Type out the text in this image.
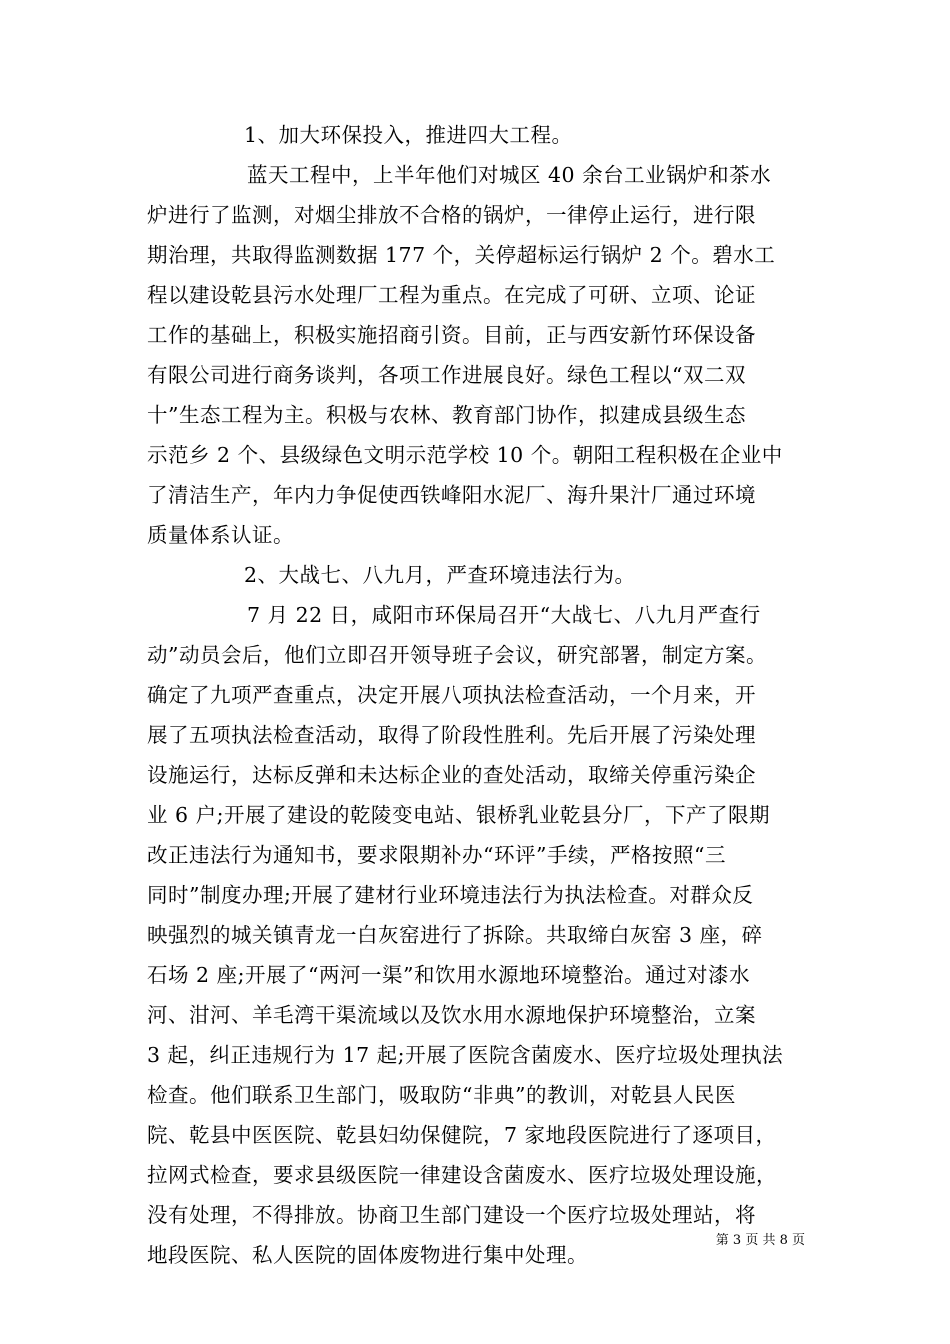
1、加大环保投入，推进四大工程。
蓝天工程中，上半年他们对城区 40 余台工业锅炉和茶水
炉进行了监测，对烟尘排放不合格的锅炉，一律停止运行，进行限
期治理，共取得监测数据 177 个，关停超标运行锅炉 2 个。碧水工
程以建设乾县污水处理厂工程为重点。在完成了可研、立项、论证
工作的基础上，积极实施招商引资。目前，正与西安新竹环保设备
有限公司进行商务谈判，各项工作进展良好。绿色工程以“双二双
十”生态工程为主。积极与农林、教育部门协作，拟建成县级生态
示范乡 2 个、县级绿色文明示范学校 10 个。朝阳工程积极在企业中
了清洁生产，年内力争促使西铁峰阳水泥厂、海升果汁厂通过环境
质量体系认证。
2、大战七、八九月，严查环境违法行为。
7 月 22 日，咸阳市环保局召开“大战七、八九月严查行
动”动员会后，他们立即召开领导班子会议，研究部署，制定方案。
确定了九项严查重点，决定开展八项执法检查活动，一个月来，开
展了五项执法检查活动，取得了阶段性胜利。先后开展了污染处理
设施运行，达标反弹和未达标企业的查处活动，取缔关停重污染企
业 6 户;开展了建设的乾陵变电站、银桥乳业乾县分厂，下产了限期
改正违法行为通知书，要求限期补办“环评”手续，严格按照“三
同时”制度办理;开展了建材行业环境违法行为执法检查。对群众反
映强烈的城关镇青龙一白灰窑进行了拆除。共取缔白灰窑 3 座，碎
石场 2 座;开展了“两河一渠”和饮用水源地环境整治。通过对漆水
河、泔河、羊毛湾干渠流域以及饮水用水源地保护环境整治，立案
3 起，纠正违规行为 17 起;开展了医院含菌废水、医疗垃圾处理执法
检查。他们联系卫生部门，吸取防“非典”的教训，对乾县人民医
院、乾县中医医院、乾县妇幼保健院，7 家地段医院进行了逐项目，
拉网式检查，要求县级医院一律建设含菌废水、医疗垃圾处理设施，
没有处理，不得排放。协商卫生部门建设一个医疗垃圾处理站，将
地段医院、私人医院的固体废物进行集中处理。
第 3 页 共 8 页
